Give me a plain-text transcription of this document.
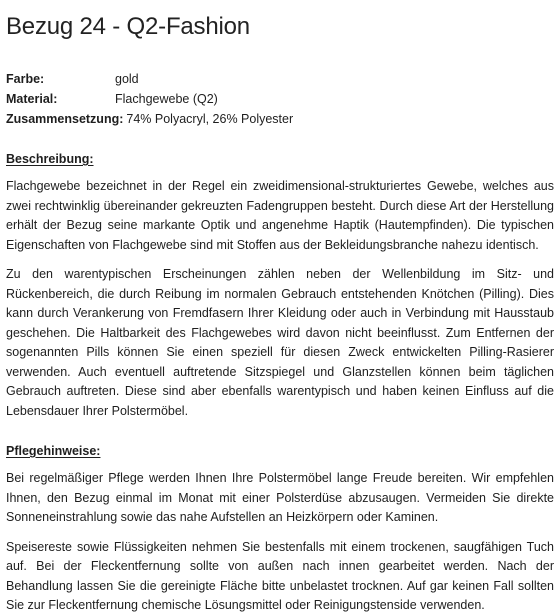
Bezug 24 - Q2-Fashion
Farbe:	gold
Material:	Flachgewebe (Q2)
Zusammensetzung: 74% Polyacryl, 26% Polyester
Beschreibung:

Flachgewebe bezeichnet in der Regel ein zweidimensional-strukturiertes Gewebe, welches aus zwei rechtwinklig übereinander gekreuzten Fadengruppen besteht. Durch diese Art der Herstellung erhält der Bezug seine markante Optik und angenehme Haptik (Hautempfinden). Die typischen Eigenschaften von Flachgewebe sind mit Stoffen aus der Bekleidungsbranche nahezu identisch.

Zu den warentypischen Erscheinungen zählen neben der Wellenbildung im Sitz- und Rückenbereich, die durch Reibung im normalen Gebrauch entstehenden Knötchen (Pilling). Dies kann durch Verankerung von Fremdfasern Ihrer Kleidung oder auch in Verbindung mit Hausstaub geschehen. Die Haltbarkeit des Flachgewebes wird davon nicht beeinflusst. Zum Entfernen der sogenannten Pills können Sie einen speziell für diesen Zweck entwickelten Pilling-Rasierer verwenden. Auch eventuell auftretende Sitzspiegel und Glanzstellen können beim täglichen Gebrauch auftreten. Diese sind aber ebenfalls warentypisch und haben keinen Einfluss auf die Lebensdauer Ihrer Polstermöbel.

Pflegehinweise:

Bei regelmäßiger Pflege werden Ihnen Ihre Polstermöbel lange Freude bereiten. Wir empfehlen Ihnen, den Bezug einmal im Monat mit einer Polsterdüse abzusaugen. Vermeiden Sie direkte Sonneneinstrahlung sowie das nahe Aufstellen an Heizkörpern oder Kaminen.

Speisereste sowie Flüssigkeiten nehmen Sie bestenfalls mit einem trockenen, saugfähigen Tuch auf. Bei der Fleckentfernung sollte von außen nach innen gearbeitet werden. Nach der Behandlung lassen Sie die gereinigte Fläche bitte unbelastet trocknen. Auf gar keinen Fall sollten Sie zur Fleckentfernung chemische Lösungsmittel oder Reinigungstenside verwenden.
